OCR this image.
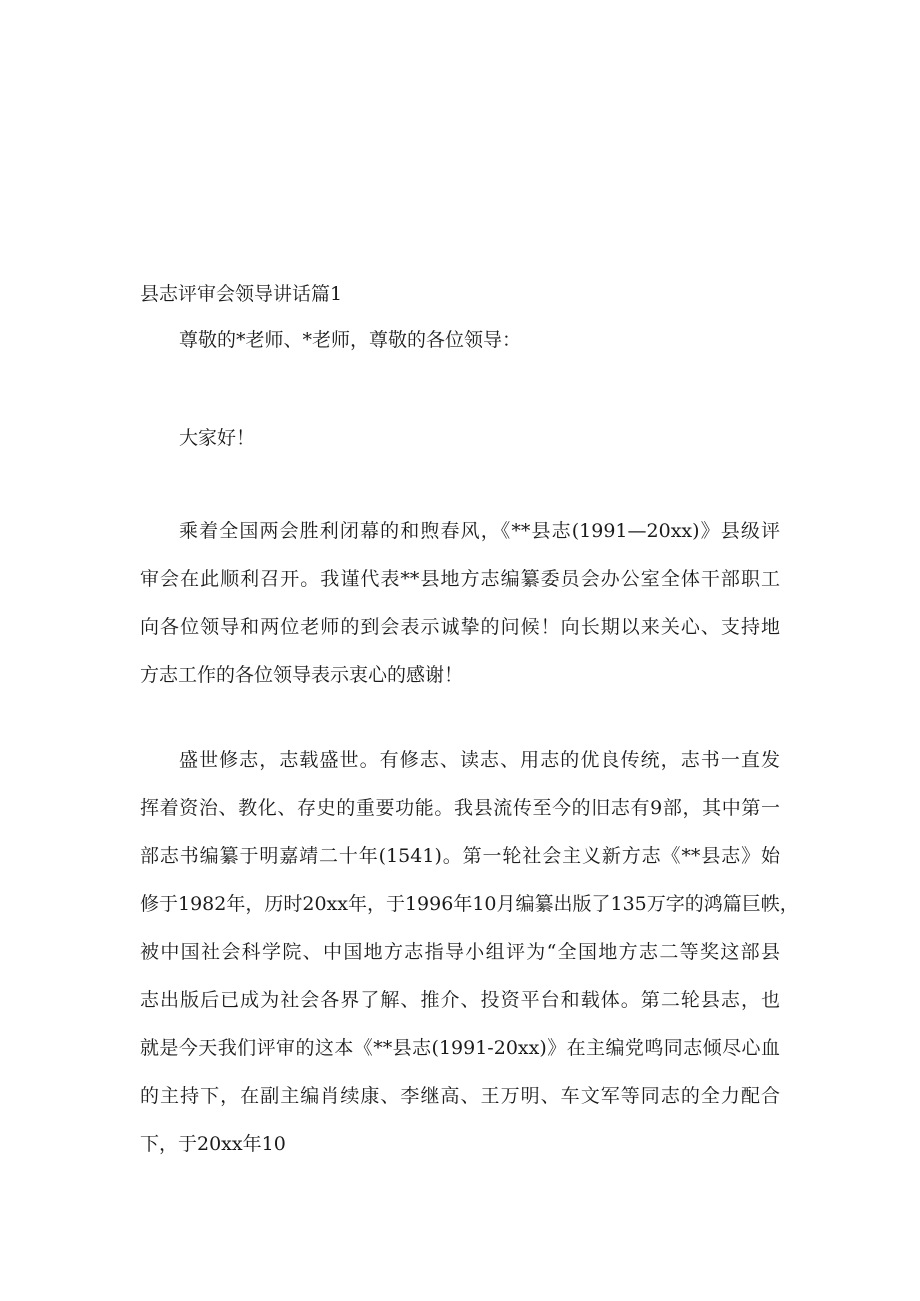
县志评审会领导讲话篇1
尊敬的*老师、*老师，尊敬的各位领导：
大家好！
乘着全国两会胜利闭幕的和煦春风，《**县志(1991—20xx)》县级评
审会在此顺利召开。我谨代表**县地方志编纂委员会办公室全体干部职工
向各位领导和两位老师的到会表示诚挚的问候！向长期以来关心、支持地
方志工作的各位领导表示衷心的感谢！
盛世修志，志载盛世。有修志、读志、用志的优良传统，志书一直发
挥着资治、教化、存史的重要功能。我县流传至今的旧志有9部，其中第一
部志书编纂于明嘉靖二十年(1541)。第一轮社会主义新方志《**县志》始
修于1982年，历时20xx年，于1996年10月编纂出版了135万字的鸿篇巨帙，
被中国社会科学院、中国地方志指导小组评为“全国地方志二等奖这部县
志出版后已成为社会各界了解、推介、投资平台和载体。第二轮县志，也
就是今天我们评审的这本《**县志(1991-20xx)》在主编党鸣同志倾尽心血
的主持下，在副主编肖续康、李继高、王万明、车文军等同志的全力配合
下，于20xx年10
